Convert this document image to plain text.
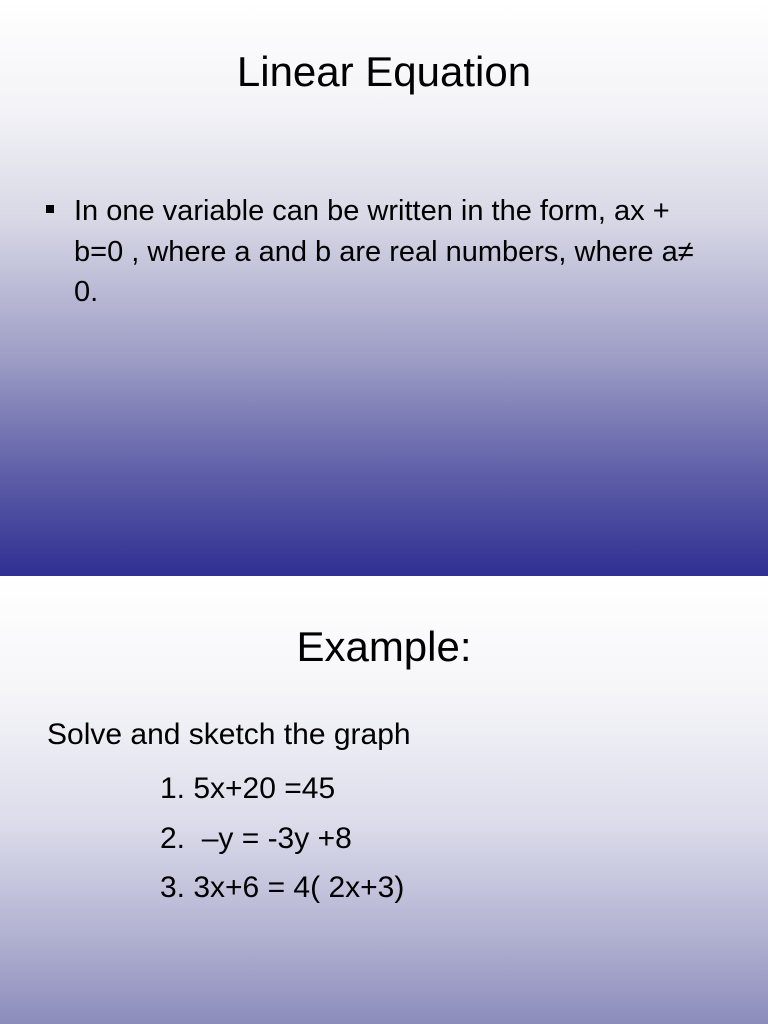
Linear Equation
In one variable can be written in the form, ax + b=0 , where a and b are real numbers, where a≠ 0.
Example:

Solve and sketch the graph

1. 5x+20 =45
2.  –y = -3y +8
3. 3x+6 = 4( 2x+3)
